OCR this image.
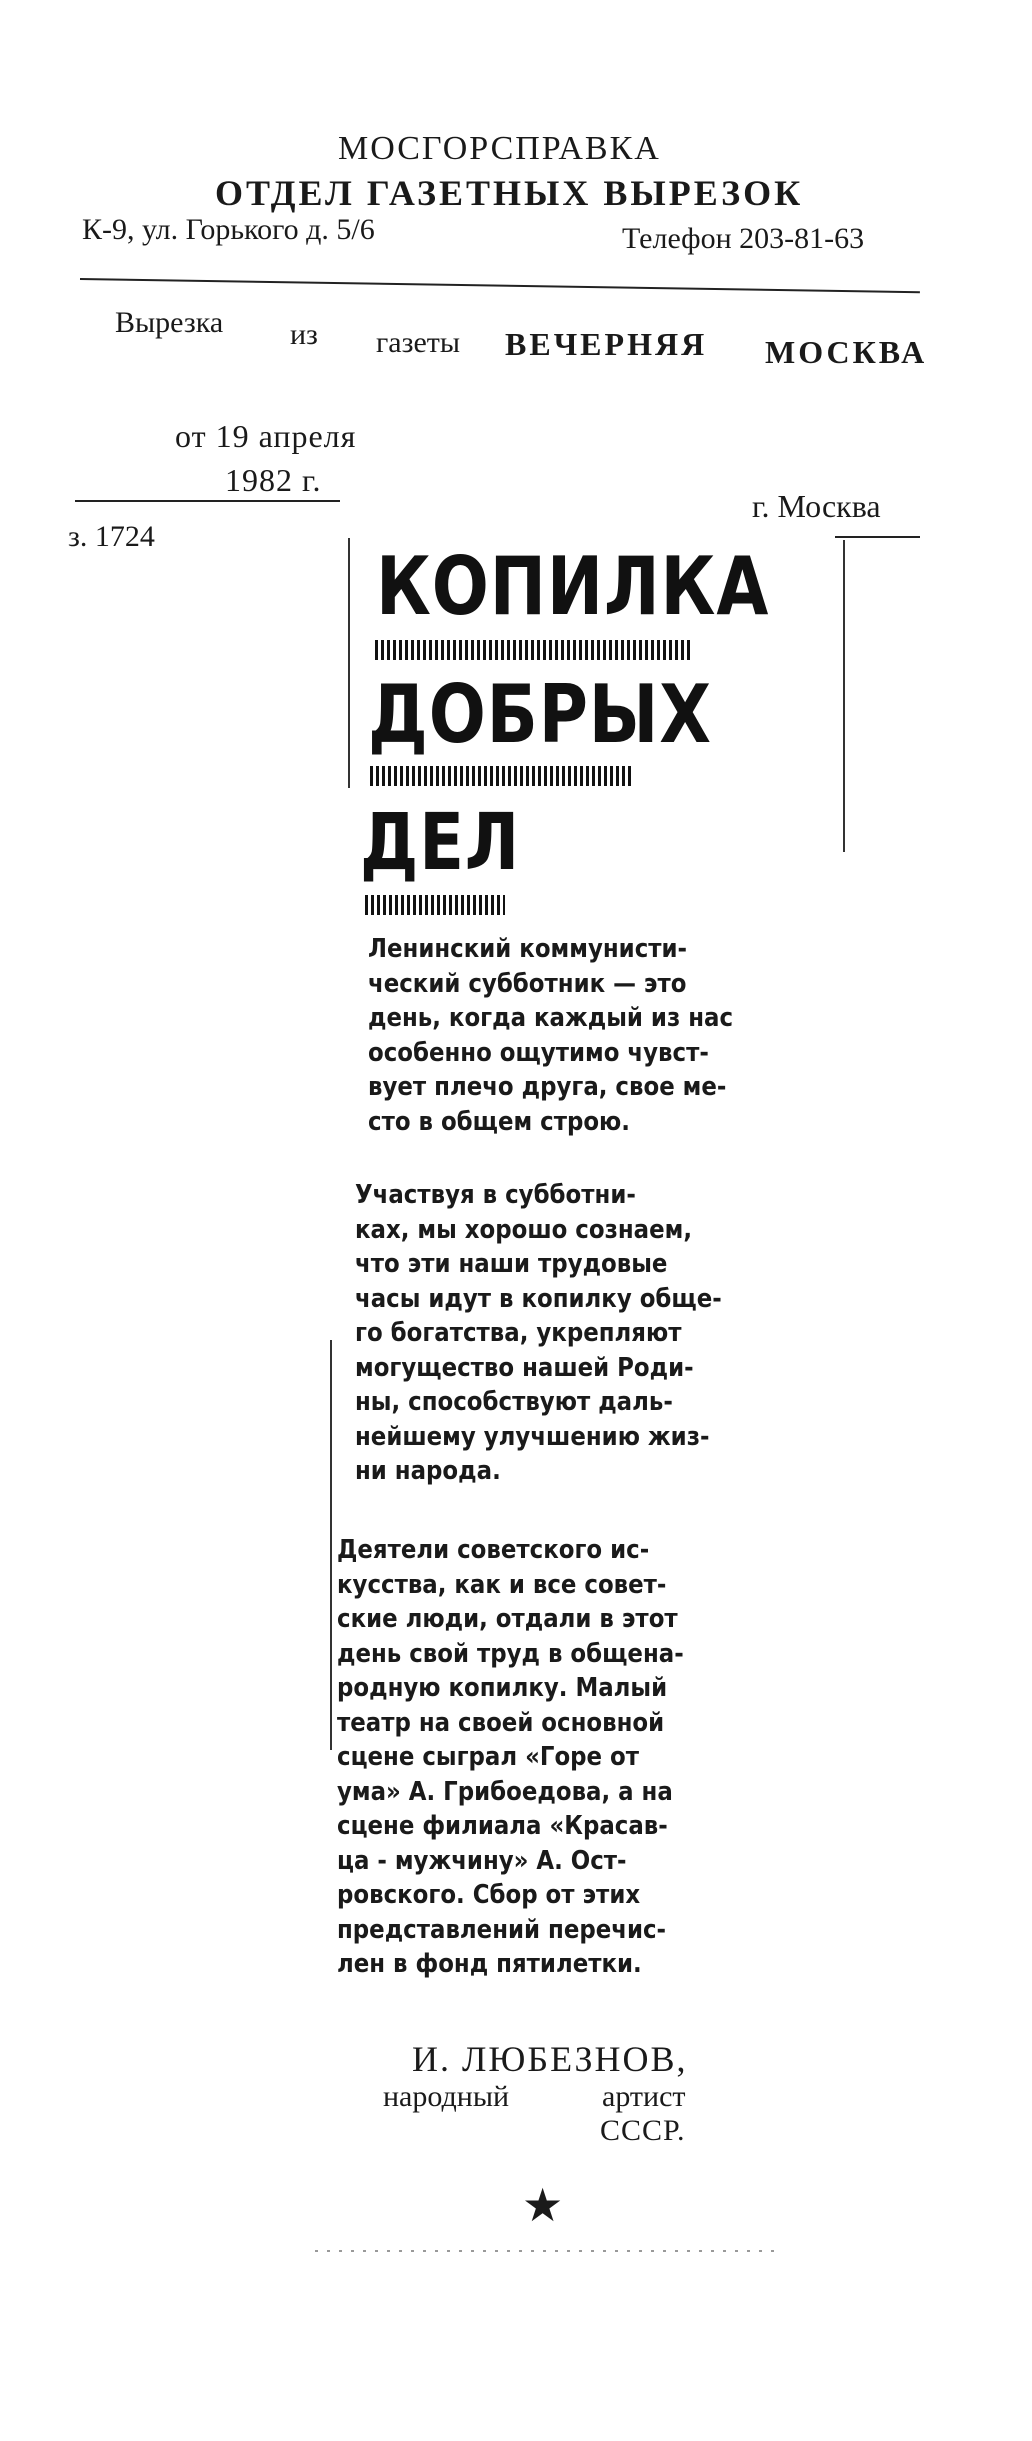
МОСГОРСПРАВКА
ОТДЕЛ ГАЗЕТНЫХ ВЫРЕЗОК
К-9, ул. Горького д. 5/6	Телефон 203-81-63
Вырезка из газеты ВЕЧЕРНЯЯ МОСКВА
от 19 апреля
1982 г.
г. Москва
з. 1724
КОПИЛКА
ДОБРЫХ
ДЕЛ
Ленинский коммунисти-
ческий субботник — это
день, когда каждый из нас
особенно ощутимо чувст-
вует плечо друга, свое ме-
сто в общем строю.
Участвуя в субботни-
ках, мы хорошо сознаем,
что эти наши трудовые
часы идут в копилку обще-
го богатства, укрепляют
могущество нашей Роди-
ны, способствуют даль-
нейшему улучшению жиз-
ни народа.
Деятели советского ис-
кусства, как и все совет-
ские люди, отдали в этот
день свой труд в общена-
родную копилку. Малый
театр на своей основной
сцене сыграл «Горе от
ума» А. Грибоедова, а на
сцене филиала «Красав-
ца - мужчину» А. Ост-
ровского. Сбор от этих
представлений перечис-
лен в фонд пятилетки.
И. ЛЮБЕЗНОВ,
народный	артист
СССР.
★
